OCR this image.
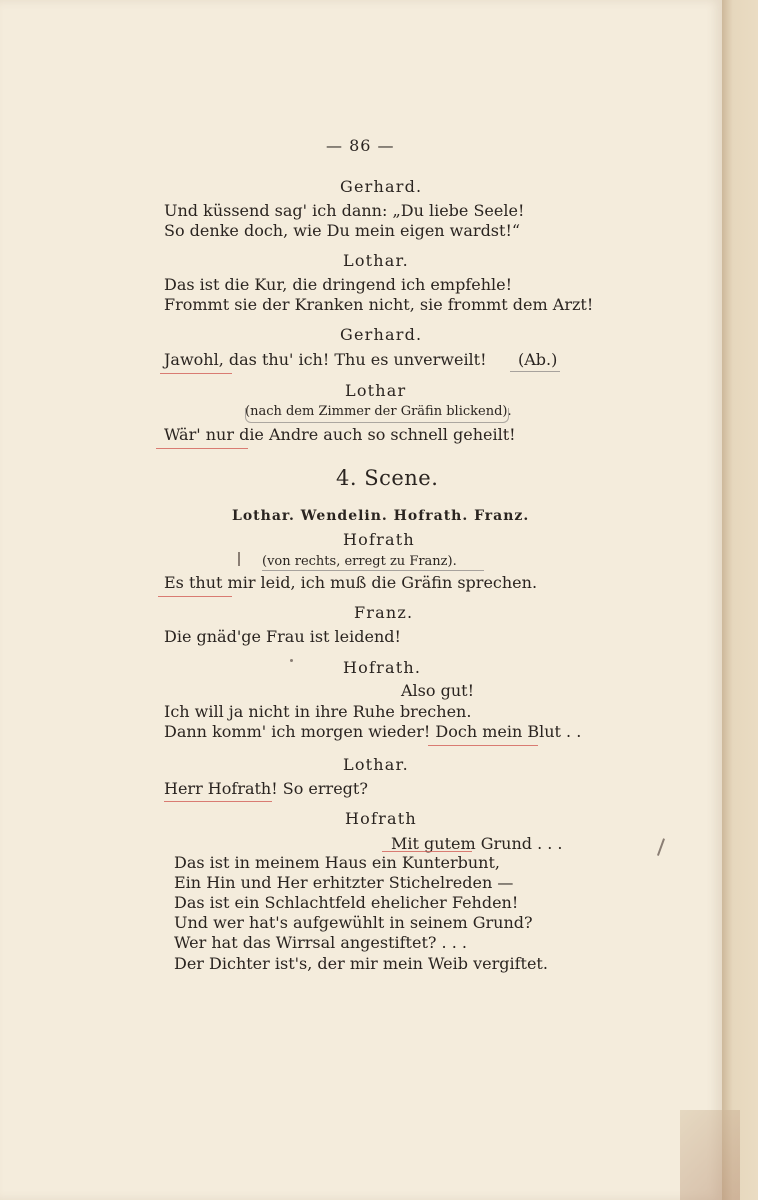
— 86 —
Gerhard.
Und küssend sag' ich dann: „Du liebe Seele!
So denke doch, wie Du mein eigen wardst!“
Lothar.
Das ist die Kur, die dringend ich empfehle!
Frommt sie der Kranken nicht, sie frommt dem Arzt!
Gerhard.
Jawohl, das thu' ich! Thu es unverweilt! (Ab.)
Lothar
(nach dem Zimmer der Gräfin blickend).
Wär' nur die Andre auch so schnell geheilt!
4. Scene.
Lothar. Wendelin. Hofrath. Franz.
Hofrath
(von rechts, erregt zu Franz).
Es thut mir leid, ich muß die Gräfin sprechen.
Franz.
Die gnäd'ge Frau ist leidend!
Hofrath.
Also gut!
Ich will ja nicht in ihre Ruhe brechen.
Dann komm' ich morgen wieder! Doch mein Blut . .
Lothar.
Herr Hofrath! So erregt?
Hofrath
Mit gutem Grund . . .
Das ist in meinem Haus ein Kunterbunt,
Ein Hin und Her erhitzter Stichelreden —
Das ist ein Schlachtfeld ehelicher Fehden!
Und wer hat's aufgewühlt in seinem Grund?
Wer hat das Wirrsal angestiftet? . . .
Der Dichter ist's, der mir mein Weib vergiftet.
